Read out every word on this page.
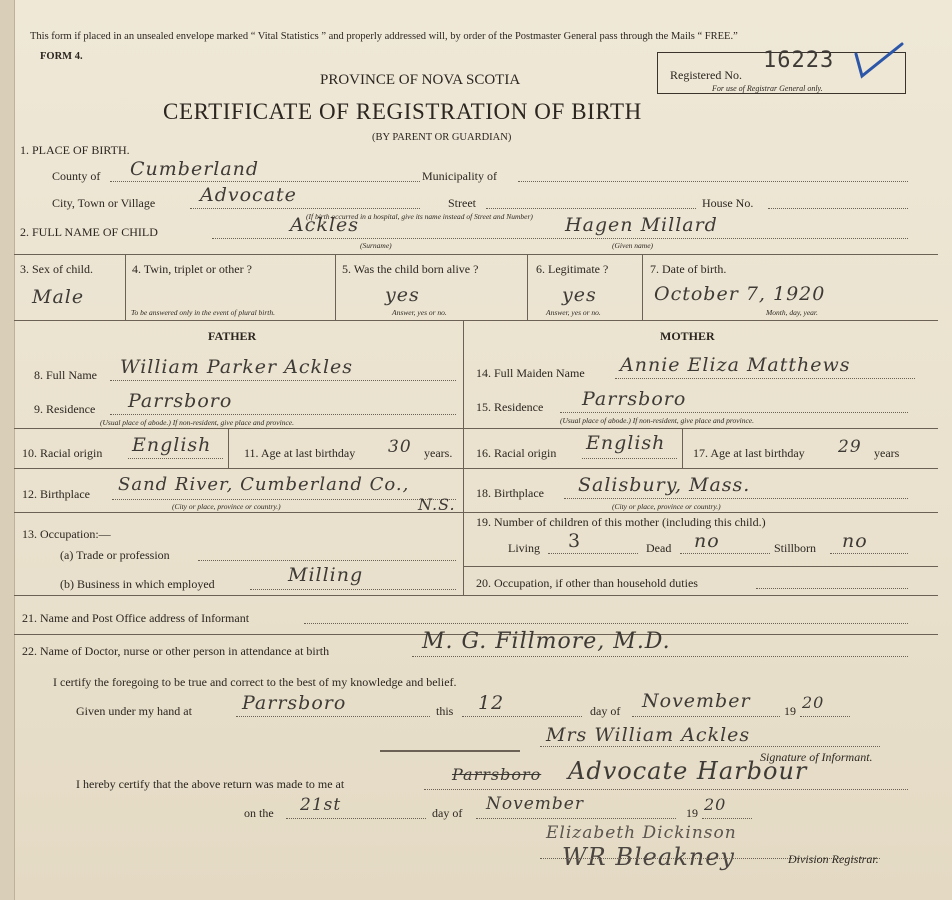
This form if placed in an unsealed envelope marked “ Vital Statistics ” and properly addressed will, by order of the Postmaster General pass through the Mails “ FREE.”
FORM 4.
PROVINCE OF NOVA SCOTIA
CERTIFICATE OF REGISTRATION OF BIRTH
(BY PARENT OR GUARDIAN)
Registered No.
16223
For use of Registrar General only.
1. PLACE OF BIRTH.
County of Cumberland	Municipality of
City, Town or Village Advocate	Street	House No.
(If birth occurred in a hospital, give its name instead of Street and Number)
2. FULL NAME OF CHILD	Ackles
(Surname)
Hagen Millard
(Given name)
3. Sex of child.
Male
4. Twin, triplet or other ?
To be answered only in the event of plural birth.
5. Was the child born alive ?
yes
Answer, yes or no.
6. Legitimate ?
yes
Answer, yes or no.
7. Date of birth.
October 7, 1920
Month, day, year.
FATHER	MOTHER
8. Full Name William Parker Ackles
9. Residence Parrsboro
(Usual place of abode.) If non-resident, give place and province.
10. Racial origin English	11. Age at last birthday 30 years.
12. Birthplace Sand River, Cumberland Co.,
N.S.
(City or place, province or country.)
13. Occupation:—
(a) Trade or profession
(b) Business in which employed	Milling
14. Full Maiden Name Annie Eliza Matthews
15. Residence Parrsboro
(Usual place of abode.) If non-resident, give place and province.
16. Racial origin English 17. Age at last birthday 29 years
18. Birthplace Salisbury, Mass.
(City or place, province or country.)
19. Number of children of this mother (including this child.)
Living 3	Dead no	Stillborn no
20. Occupation, if other than household duties
21. Name and Post Office address of Informant
22. Name of Doctor, nurse or other person in attendance at birth	M. G. Fillmore, M.D.
I certify the foregoing to be true and correct to the best of my knowledge and belief.
Given under my hand at	Parrsboro	this 12	day of November	19 20
Mrs William Ackles
Signature of Informant.
I hereby certify that the above return was made to me at	Parrsboro Advocate Harbour
on the 21st	day of November	19 20
Elizabeth Dickinson
WR Bleakney	Division Registrar.
